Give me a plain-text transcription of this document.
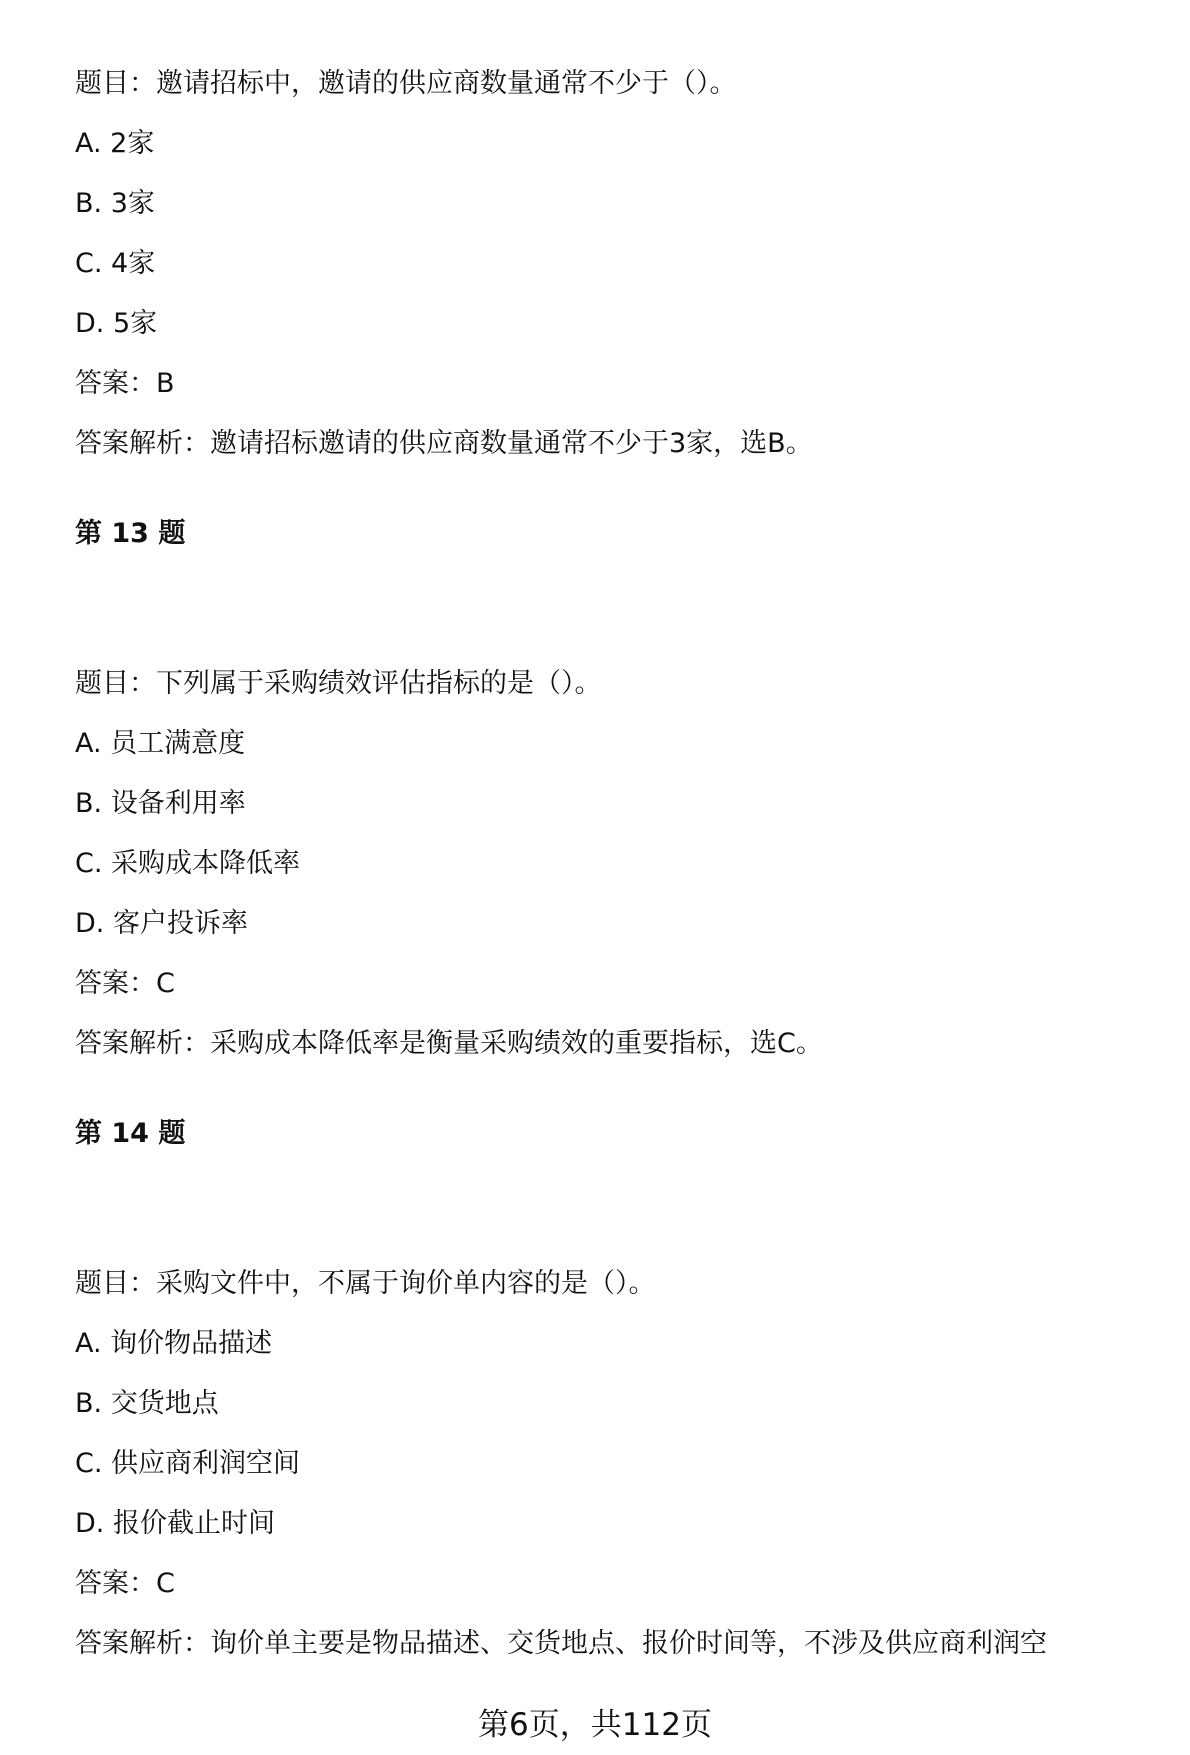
题目：邀请招标中，邀请的供应商数量通常不少于（）。
A. 2家
B. 3家
C. 4家
D. 5家
答案：B
答案解析：邀请招标邀请的供应商数量通常不少于3家，选B。
第 13 题
题目：下列属于采购绩效评估指标的是（）。
A. 员工满意度
B. 设备利用率
C. 采购成本降低率
D. 客户投诉率
答案：C
答案解析：采购成本降低率是衡量采购绩效的重要指标，选C。
第 14 题
题目：采购文件中，不属于询价单内容的是（）。
A. 询价物品描述
B. 交货地点
C. 供应商利润空间
D. 报价截止时间
答案：C
答案解析：询价单主要是物品描述、交货地点、报价时间等，不涉及供应商利润空
第6页，共112页
